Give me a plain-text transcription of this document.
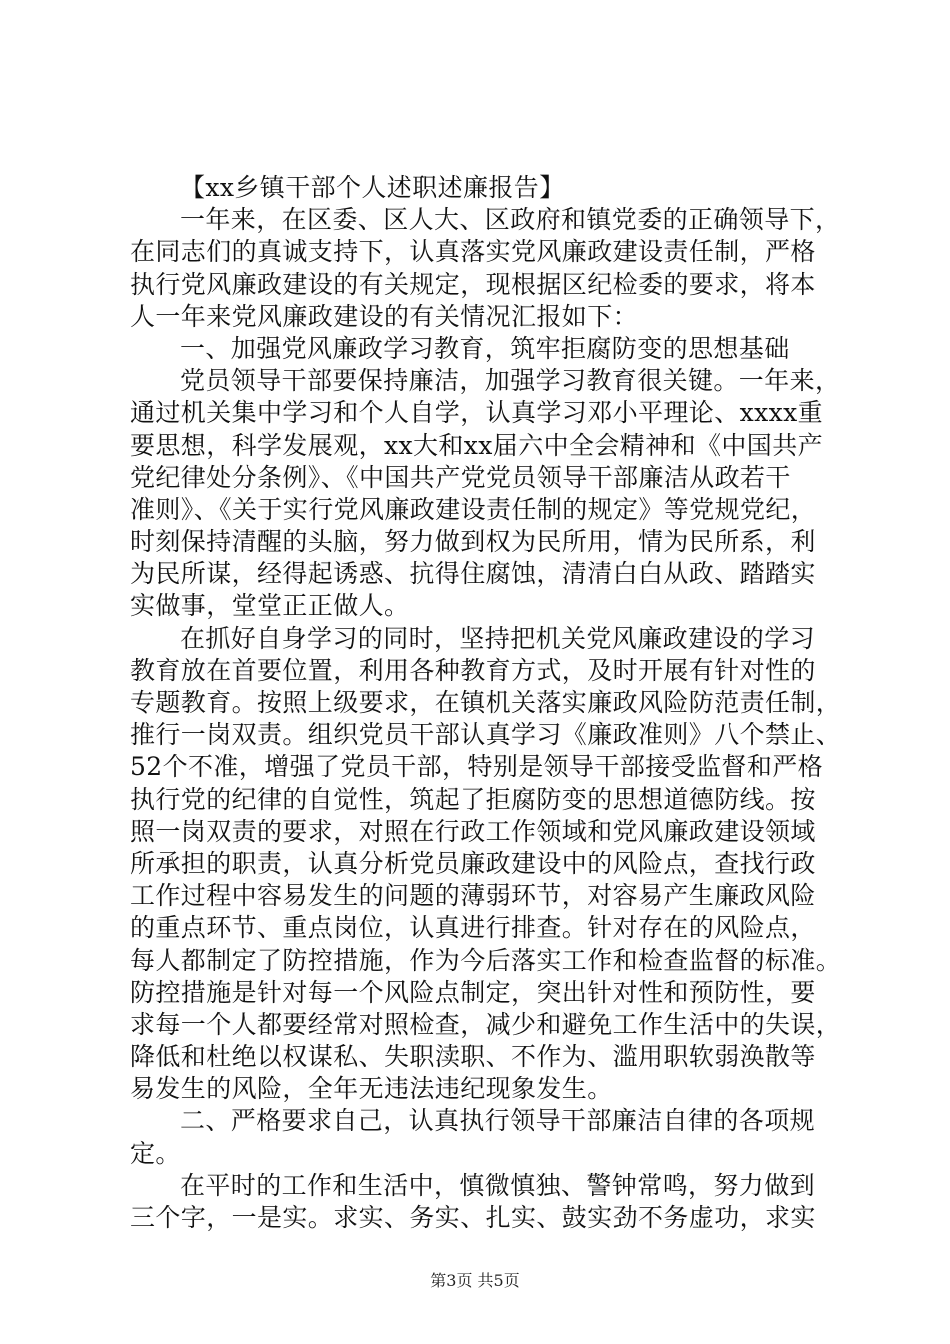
【xx乡镇干部个人述职述廉报告】
一年来，在区委、区人大、区政府和镇党委的正确领导下，
在同志们的真诚支持下，认真落实党风廉政建设责任制，严格
执行党风廉政建设的有关规定，现根据区纪检委的要求，将本
人一年来党风廉政建设的有关情况汇报如下：
一、加强党风廉政学习教育，筑牢拒腐防变的思想基础
党员领导干部要保持廉洁，加强学习教育很关键。一年来，
通过机关集中学习和个人自学，认真学习邓小平理论、xxxx重
要思想，科学发展观，xx大和xx届六中全会精神和《中国共产
党纪律处分条例》、《中国共产党党员领导干部廉洁从政若干
准则》、《关于实行党风廉政建设责任制的规定》等党规党纪，
时刻保持清醒的头脑，努力做到权为民所用，情为民所系，利
为民所谋，经得起诱惑、抗得住腐蚀，清清白白从政、踏踏实
实做事，堂堂正正做人。
在抓好自身学习的同时，坚持把机关党风廉政建设的学习
教育放在首要位置，利用各种教育方式，及时开展有针对性的
专题教育。按照上级要求，在镇机关落实廉政风险防范责任制，
推行一岗双责。组织党员干部认真学习《廉政准则》八个禁止、
52个不准，增强了党员干部，特别是领导干部接受监督和严格
执行党的纪律的自觉性，筑起了拒腐防变的思想道德防线。按
照一岗双责的要求，对照在行政工作领域和党风廉政建设领域
所承担的职责，认真分析党员廉政建设中的风险点，查找行政
工作过程中容易发生的问题的薄弱环节，对容易产生廉政风险
的重点环节、重点岗位，认真进行排查。针对存在的风险点，
每人都制定了防控措施，作为今后落实工作和检查监督的标准。
防控措施是针对每一个风险点制定，突出针对性和预防性，要
求每一个人都要经常对照检查，减少和避免工作生活中的失误，
降低和杜绝以权谋私、失职渎职、不作为、滥用职软弱涣散等
易发生的风险，全年无违法违纪现象发生。
二、严格要求自己，认真执行领导干部廉洁自律的各项规
定。
在平时的工作和生活中，慎微慎独、警钟常鸣，努力做到
三个字，一是实。求实、务实、扎实、鼓实劲不务虚功，求实
第3页 共5页
